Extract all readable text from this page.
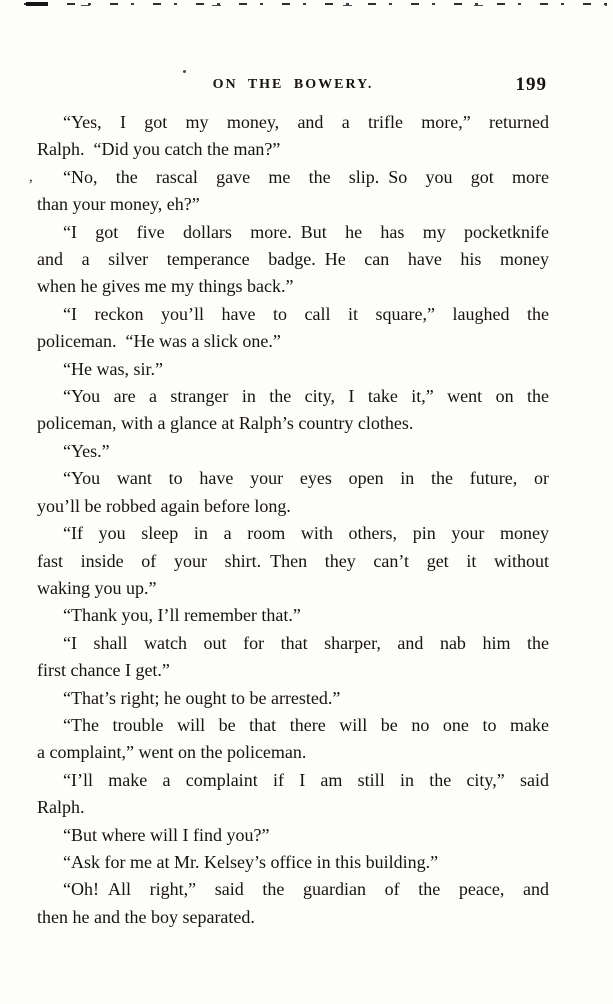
,
ON THE BOWERY.	199

“Yes, I got my money, and a trifle more,” returned
Ralph. “Did you catch the man?”

“No, the rascal gave me the slip. So you got more
than your money, eh?”

“I got five dollars more. But he has my pocketknife
and a silver temperance badge. He can have his money
when he gives me my things back.”

“I reckon you’ll have to call it square,” laughed the
policeman. “He was a slick one.”

“He was, sir.”

“You are a stranger in the city, I take it,” went on the
policeman, with a glance at Ralph’s country clothes.

“Yes.”

“You want to have your eyes open in the future, or
you’ll be robbed again before long.

“If you sleep in a room with others, pin your money
fast inside of your shirt. Then they can’t get it without
waking you up.”

“Thank you, I’ll remember that.”

“I shall watch out for that sharper, and nab him the
first chance I get.”

“That’s right; he ought to be arrested.”

“The trouble will be that there will be no one to make
a complaint,” went on the policeman.

“I’ll make a complaint if I am still in the city,” said
Ralph.

“But where will I find you?”

“Ask for me at Mr. Kelsey’s office in this building.”

“Oh! All right,” said the guardian of the peace, and
then he and the boy separated.
